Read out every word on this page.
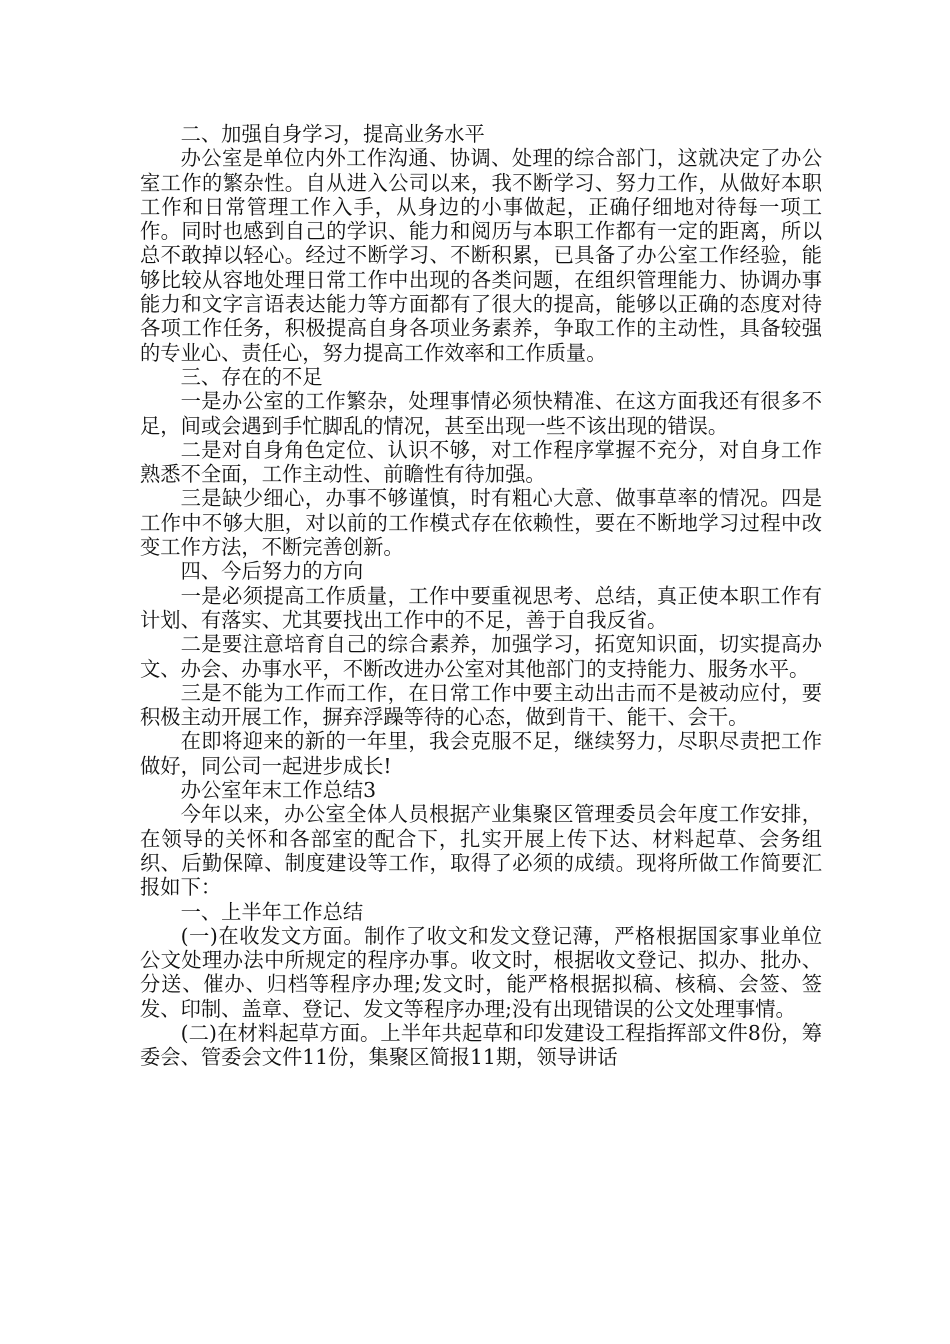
二、加强自身学习，提高业务水平

办公室是单位内外工作沟通、协调、处理的综合部门，这就决定了办公室工作的繁杂性。自从进入公司以来，我不断学习、努力工作，从做好本职工作和日常管理工作入手，从身边的小事做起，正确仔细地对待每一项工作。同时也感到自己的学识、能力和阅历与本职工作都有一定的距离，所以总不敢掉以轻心。经过不断学习、不断积累，已具备了办公室工作经验，能够比较从容地处理日常工作中出现的各类问题，在组织管理能力、协调办事能力和文字言语表达能力等方面都有了很大的提高，能够以正确的态度对待各项工作任务，积极提高自身各项业务素养，争取工作的主动性，具备较强的专业心、责任心，努力提高工作效率和工作质量。

三、存在的不足

一是办公室的工作繁杂，处理事情必须快精准、在这方面我还有很多不足，间或会遇到手忙脚乱的情况，甚至出现一些不该出现的错误。

二是对自身角色定位、认识不够，对工作程序掌握不充分，对自身工作熟悉不全面，工作主动性、前瞻性有待加强。

三是缺少细心，办事不够谨慎，时有粗心大意、做事草率的情况。四是工作中不够大胆，对以前的工作模式存在依赖性，要在不断地学习过程中改变工作方法，不断完善创新。

四、今后努力的方向

一是必须提高工作质量，工作中要重视思考、总结，真正使本职工作有计划、有落实、尤其要找出工作中的不足，善于自我反省。

二是要注意培育自己的综合素养，加强学习，拓宽知识面，切实提高办文、办会、办事水平，不断改进办公室对其他部门的支持能力、服务水平。

三是不能为工作而工作，在日常工作中要主动出击而不是被动应付，要积极主动开展工作，摒弃浮躁等待的心态，做到肯干、能干、会干。

在即将迎来的新的一年里，我会克服不足，继续努力，尽职尽责把工作做好，同公司一起进步成长!

办公室年末工作总结3

今年以来，办公室全体人员根据产业集聚区管理委员会年度工作安排，在领导的关怀和各部室的配合下，扎实开展上传下达、材料起草、会务组织、后勤保障、制度建设等工作，取得了必须的成绩。现将所做工作简要汇报如下：

一、上半年工作总结

(一)在收发文方面。制作了收文和发文登记薄，严格根据国家事业单位公文处理办法中所规定的程序办事。收文时，根据收文登记、拟办、批办、分送、催办、归档等程序办理;发文时，能严格根据拟稿、核稿、会签、签发、印制、盖章、登记、发文等程序办理;没有出现错误的公文处理事情。

(二)在材料起草方面。上半年共起草和印发建设工程指挥部文件8份，筹委会、管委会文件11份，集聚区简报11期，领导讲话
